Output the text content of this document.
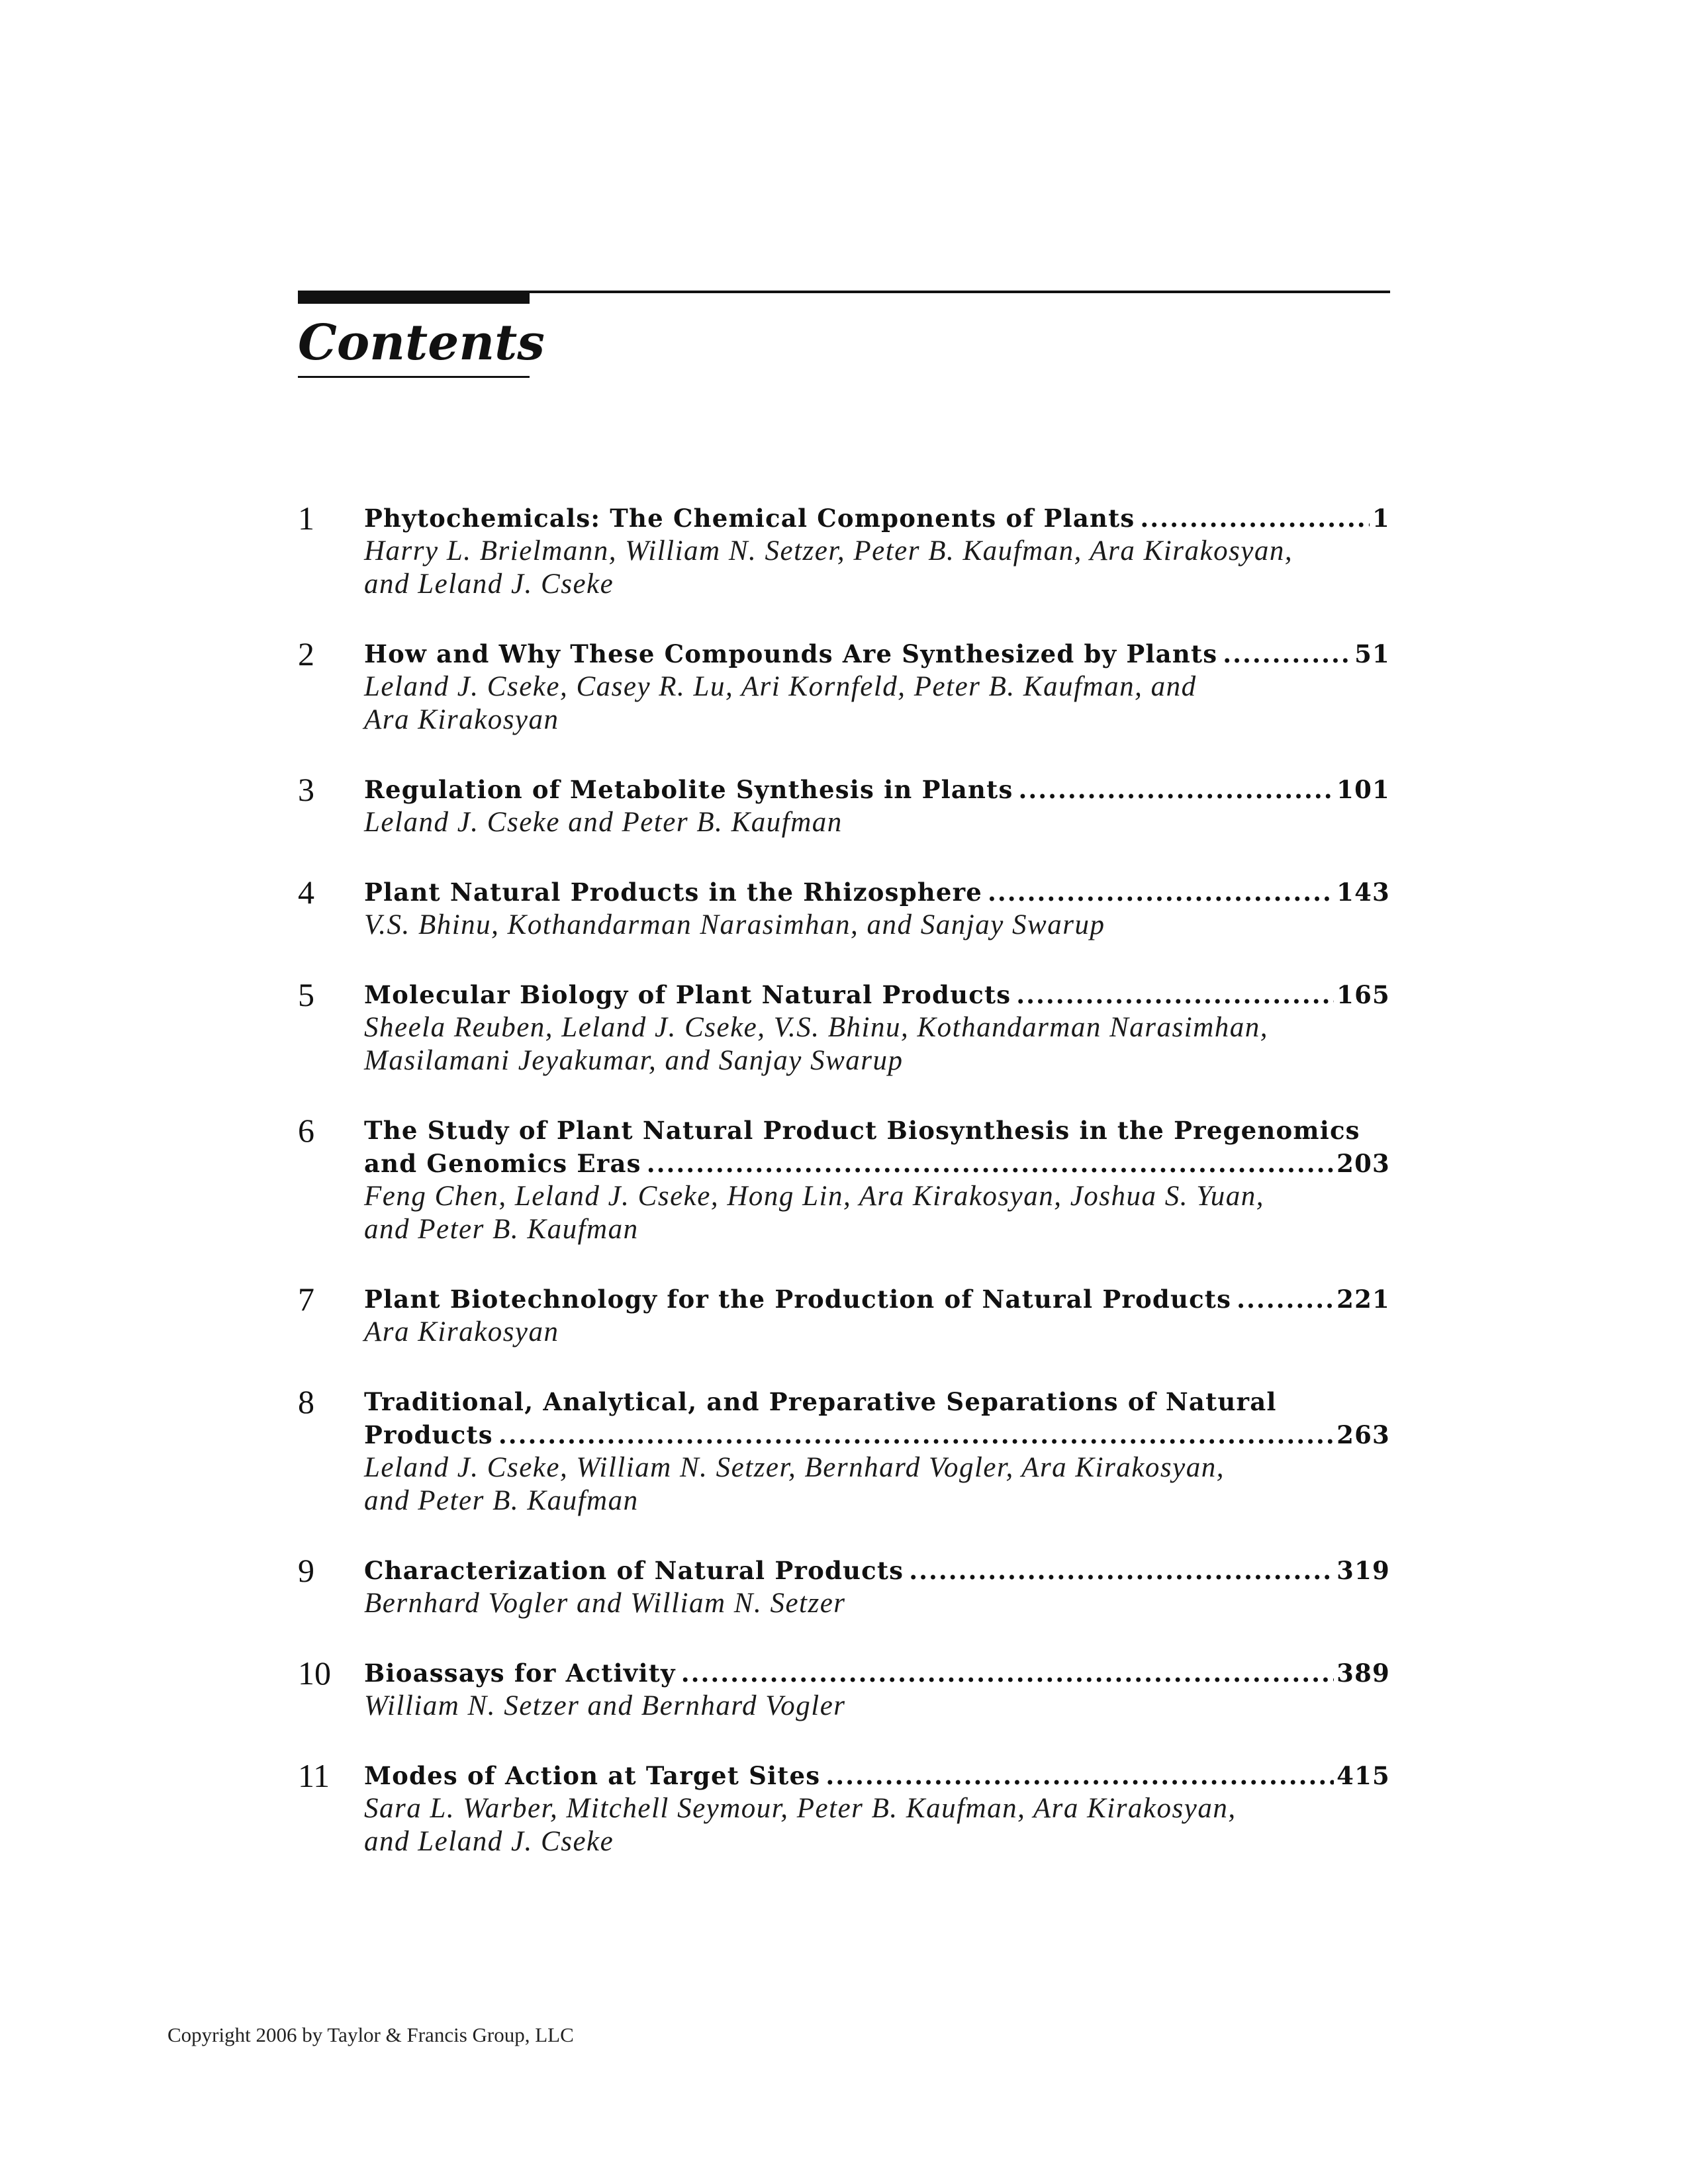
Contents
1	Phytochemicals: The Chemical Components of Plants .....	1
Harry L. Brielmann, William N. Setzer, Peter B. Kaufman, Ara Kirakosyan,
and Leland J. Cseke
2	How and Why These Compounds Are Synthesized by Plants .....	51
Leland J. Cseke, Casey R. Lu, Ari Kornfeld, Peter B. Kaufman, and
Ara Kirakosyan
3	Regulation of Metabolite Synthesis in Plants .....	101
Leland J. Cseke and Peter B. Kaufman
4	Plant Natural Products in the Rhizosphere .....	143
V.S. Bhinu, Kothandarman Narasimhan, and Sanjay Swarup
5	Molecular Biology of Plant Natural Products .....	165
Sheela Reuben, Leland J. Cseke, V.S. Bhinu, Kothandarman Narasimhan,
Masilamani Jeyakumar, and Sanjay Swarup
6	The Study of Plant Natural Product Biosynthesis in the Pregenomics
and Genomics Eras .....	203
Feng Chen, Leland J. Cseke, Hong Lin, Ara Kirakosyan, Joshua S. Yuan,
and Peter B. Kaufman
7	Plant Biotechnology for the Production of Natural Products .....	221
Ara Kirakosyan
8	Traditional, Analytical, and Preparative Separations of Natural
Products .....	263
Leland J. Cseke, William N. Setzer, Bernhard Vogler, Ara Kirakosyan,
and Peter B. Kaufman
9	Characterization of Natural Products .....	319
Bernhard Vogler and William N. Setzer
10	Bioassays for Activity .....	389
William N. Setzer and Bernhard Vogler
11	Modes of Action at Target Sites .....	415
Sara L. Warber, Mitchell Seymour, Peter B. Kaufman, Ara Kirakosyan,
and Leland J. Cseke
Copyright 2006 by Taylor & Francis Group, LLC
